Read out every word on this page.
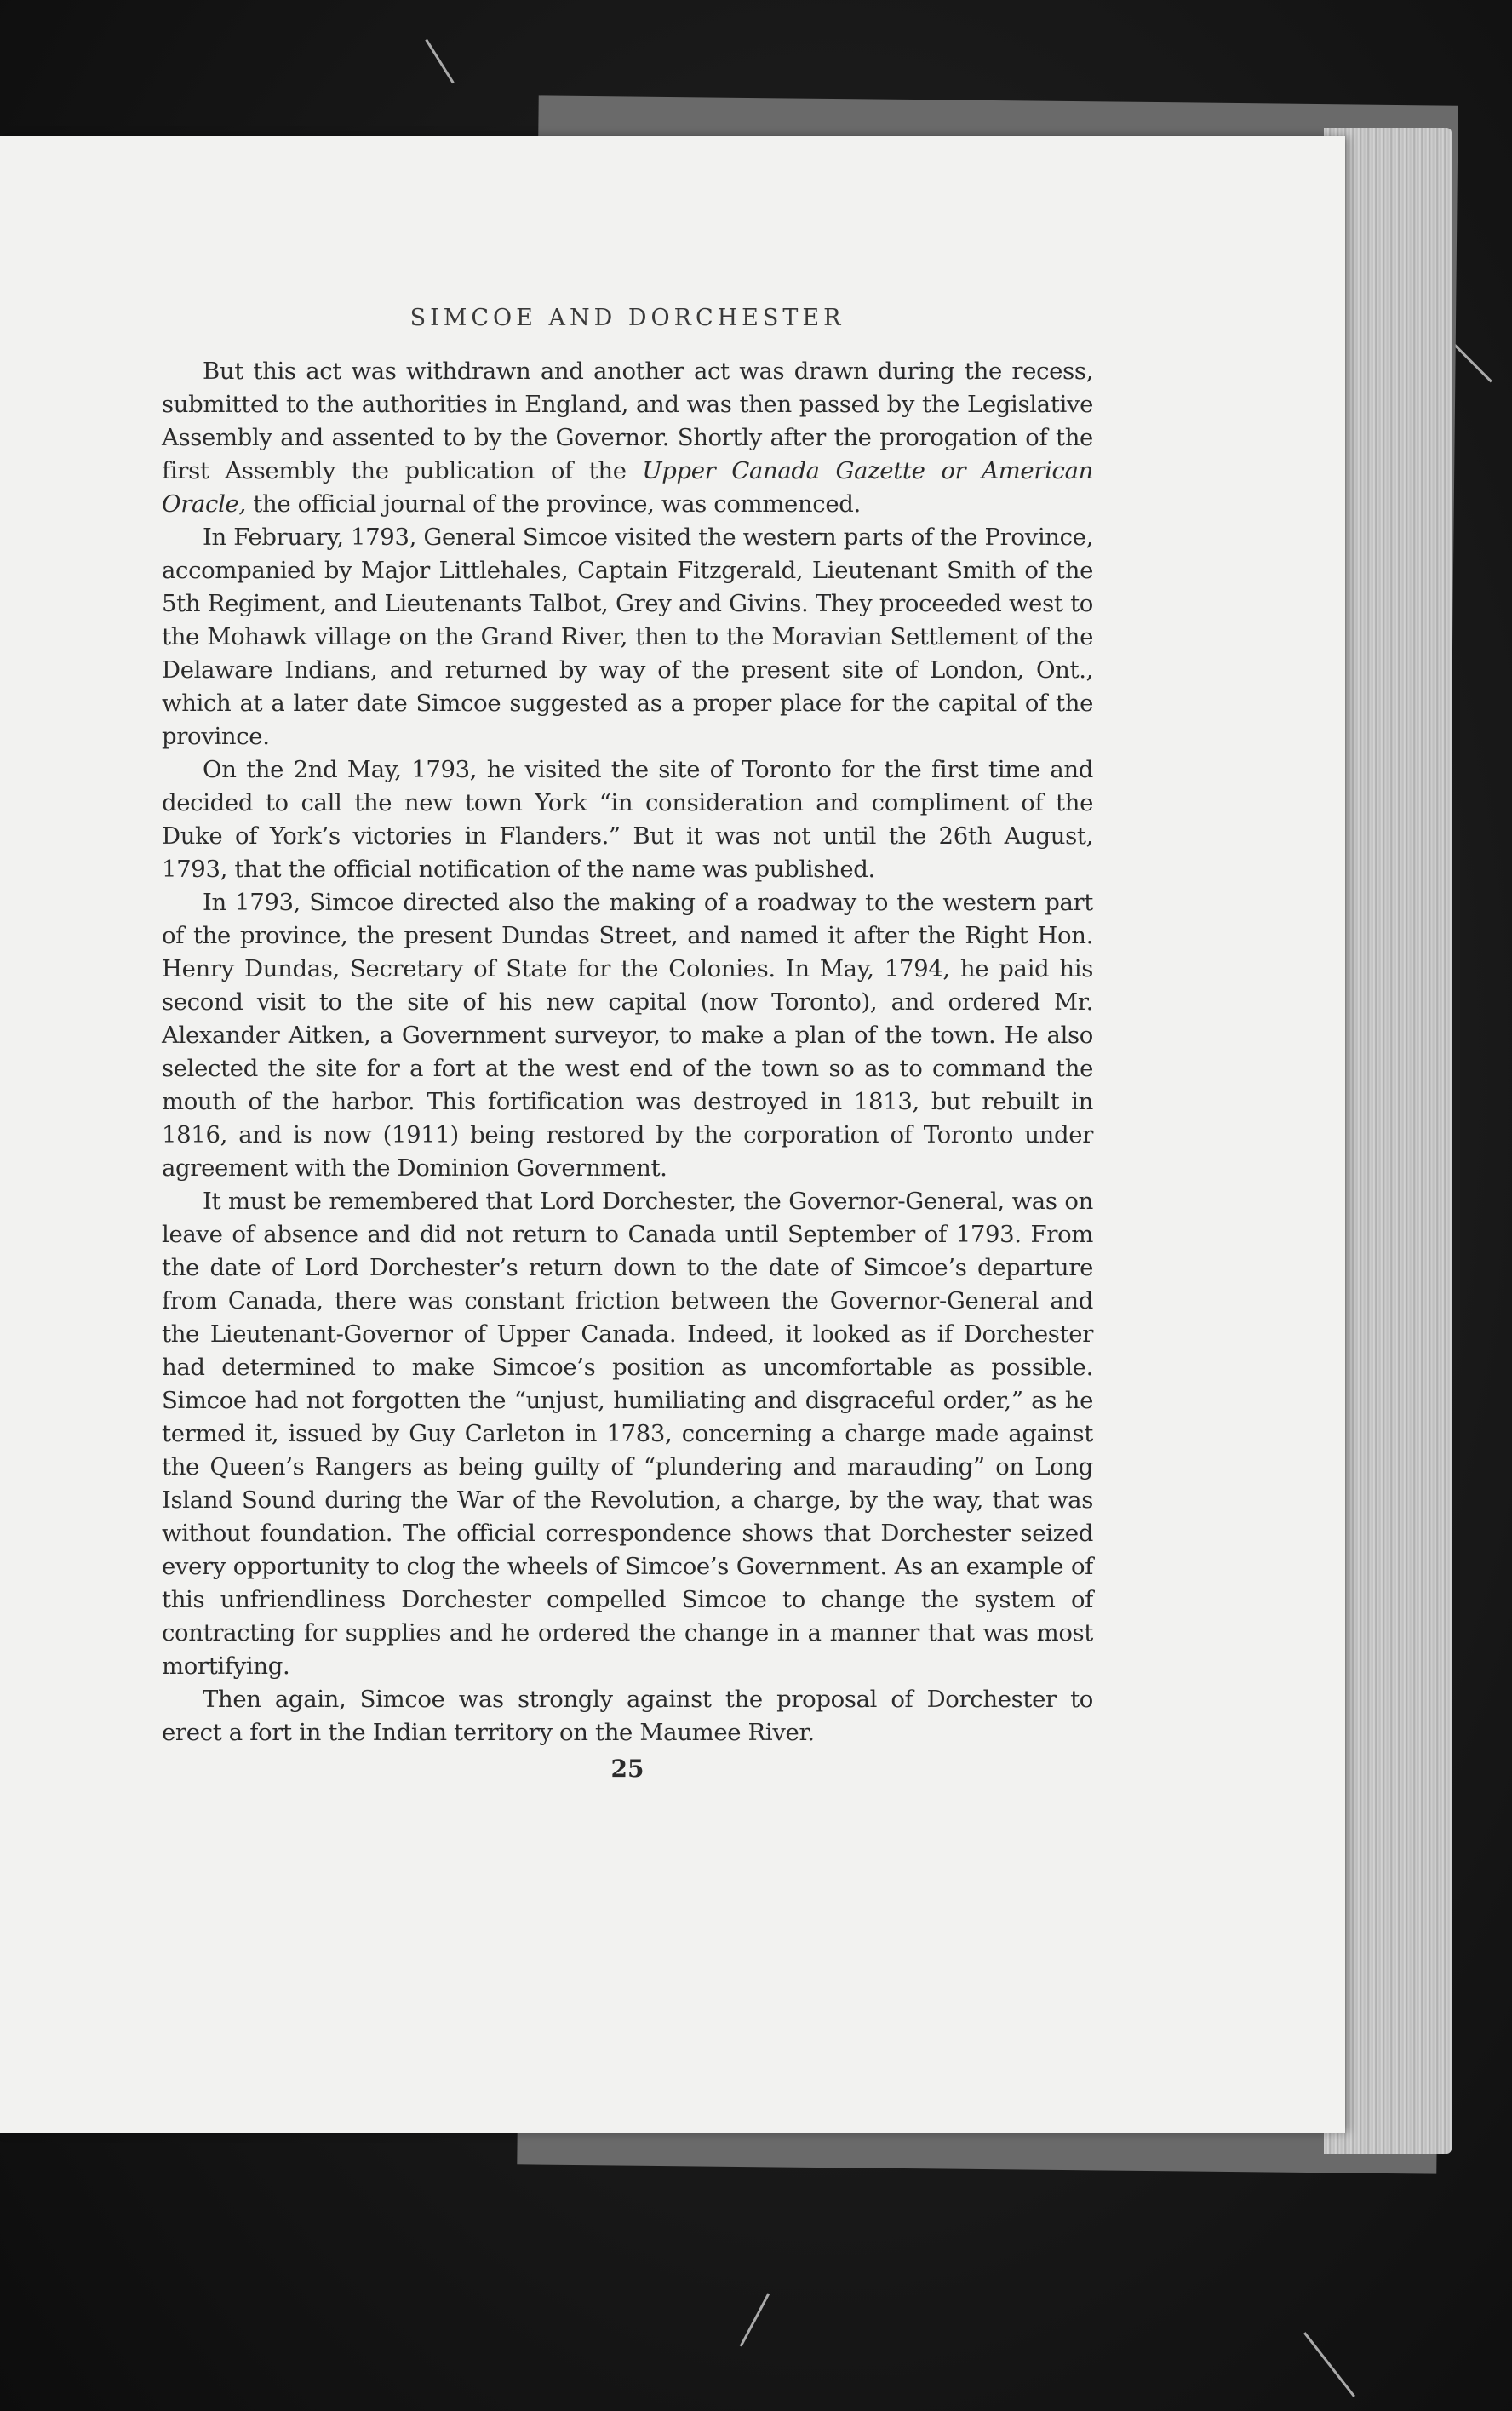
SIMCOE AND DORCHESTER

But this act was withdrawn and another act was drawn during the recess, submitted to the authorities in England, and was then passed by the Legislative Assembly and assented to by the Governor. Shortly after the prorogation of the first Assembly the publication of the Upper Canada Gazette or American Oracle, the official journal of the province, was commenced.

In February, 1793, General Simcoe visited the western parts of the Province, accompanied by Major Littlehales, Captain Fitzgerald, Lieutenant Smith of the 5th Regiment, and Lieutenants Talbot, Grey and Givins. They proceeded west to the Mohawk village on the Grand River, then to the Moravian Settlement of the Delaware Indians, and returned by way of the present site of London, Ont., which at a later date Simcoe suggested as a proper place for the capital of the province.

On the 2nd May, 1793, he visited the site of Toronto for the first time and decided to call the new town York “in consideration and compliment of the Duke of York’s victories in Flanders.” But it was not until the 26th August, 1793, that the official notification of the name was published.

In 1793, Simcoe directed also the making of a roadway to the western part of the province, the present Dundas Street, and named it after the Right Hon. Henry Dundas, Secretary of State for the Colonies. In May, 1794, he paid his second visit to the site of his new capital (now Toronto), and ordered Mr. Alexander Aitken, a Government surveyor, to make a plan of the town. He also selected the site for a fort at the west end of the town so as to command the mouth of the harbor. This fortification was destroyed in 1813, but rebuilt in 1816, and is now (1911) being restored by the corporation of Toronto under agreement with the Dominion Government.

It must be remembered that Lord Dorchester, the Governor-General, was on leave of absence and did not return to Canada until September of 1793. From the date of Lord Dorchester’s return down to the date of Simcoe’s departure from Canada, there was constant friction between the Governor-General and the Lieutenant-Governor of Upper Canada. Indeed, it looked as if Dorchester had determined to make Simcoe’s position as uncomfortable as possible. Simcoe had not forgotten the “unjust, humiliating and disgraceful order,” as he termed it, issued by Guy Carleton in 1783, concerning a charge made against the Queen’s Rangers as being guilty of “plundering and marauding” on Long Island Sound during the War of the Revolution, a charge, by the way, that was without foundation. The official correspondence shows that Dorchester seized every opportunity to clog the wheels of Simcoe’s Government. As an example of this unfriendliness Dorchester compelled Simcoe to change the system of contracting for supplies and he ordered the change in a manner that was most mortifying.

Then again, Simcoe was strongly against the proposal of Dorchester to erect a fort in the Indian territory on the Maumee River.

25
